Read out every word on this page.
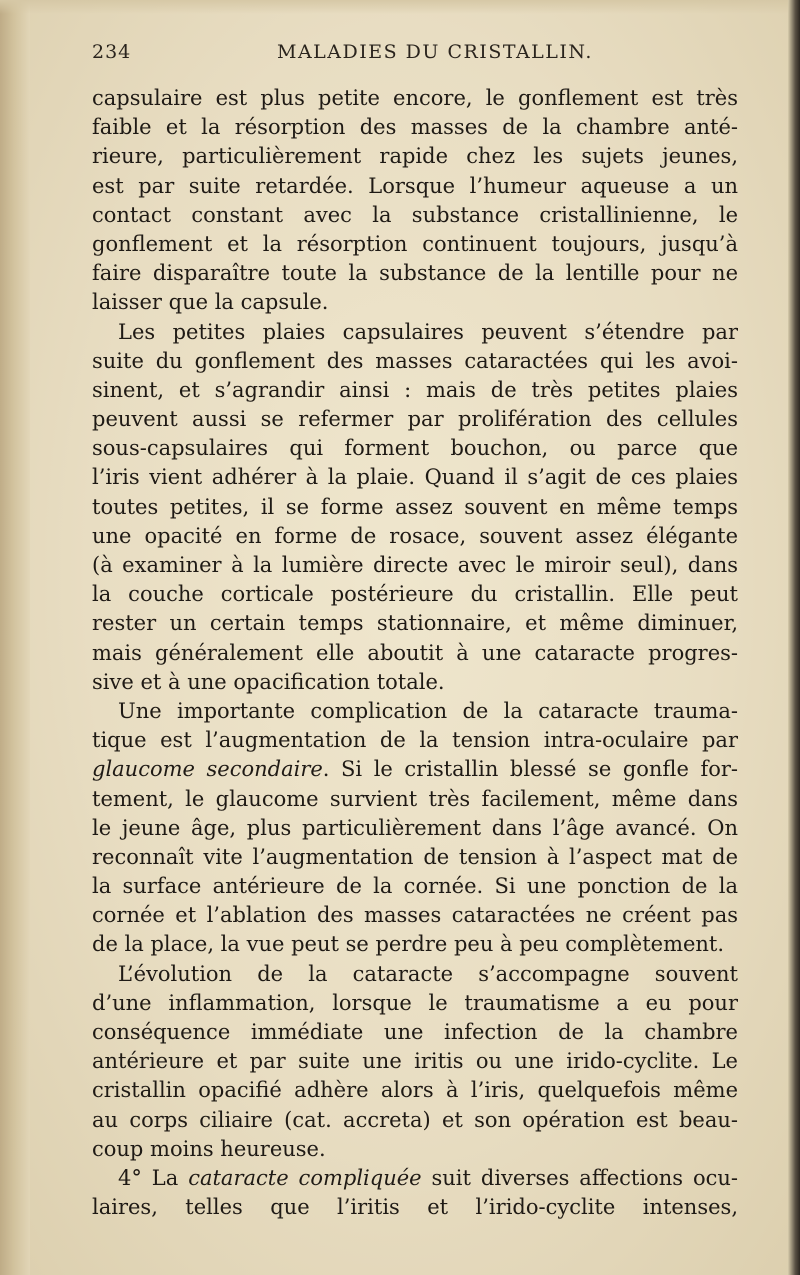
234	MALADIES DU CRISTALLIN.
capsulaire est plus petite encore, le gonflement est très
faible et la résorption des masses de la chambre anté-
rieure, particulièrement rapide chez les sujets jeunes,
est par suite retardée. Lorsque l’humeur aqueuse a un
contact constant avec la substance cristallinienne, le
gonflement et la résorption continuent toujours, jusqu’à
faire disparaître toute la substance de la lentille pour ne
laisser que la capsule.
Les petites plaies capsulaires peuvent s’étendre par
suite du gonflement des masses cataractées qui les avoi-
sinent, et s’agrandir ainsi : mais de très petites plaies
peuvent aussi se refermer par prolifération des cellules
sous-capsulaires qui forment bouchon, ou parce que
l’iris vient adhérer à la plaie. Quand il s’agit de ces plaies
toutes petites, il se forme assez souvent en même temps
une opacité en forme de rosace, souvent assez élégante
(à examiner à la lumière directe avec le miroir seul), dans
la couche corticale postérieure du cristallin. Elle peut
rester un certain temps stationnaire, et même diminuer,
mais généralement elle aboutit à une cataracte progres-
sive et à une opacification totale.
Une importante complication de la cataracte trauma-
tique est l’augmentation de la tension intra-oculaire par
glaucome secondaire. Si le cristallin blessé se gonfle for-
tement, le glaucome survient très facilement, même dans
le jeune âge, plus particulièrement dans l’âge avancé. On
reconnaît vite l’augmentation de tension à l’aspect mat de
la surface antérieure de la cornée. Si une ponction de la
cornée et l’ablation des masses cataractées ne créent pas
de la place, la vue peut se perdre peu à peu complètement.
L’évolution de la cataracte s’accompagne souvent
d’une inflammation, lorsque le traumatisme a eu pour
conséquence immédiate une infection de la chambre
antérieure et par suite une iritis ou une irido-cyclite. Le
cristallin opacifié adhère alors à l’iris, quelquefois même
au corps ciliaire (cat. accreta) et son opération est beau-
coup moins heureuse.
4° La cataracte compliquée suit diverses affections ocu-
laires, telles que l’iritis et l’irido-cyclite intenses,
